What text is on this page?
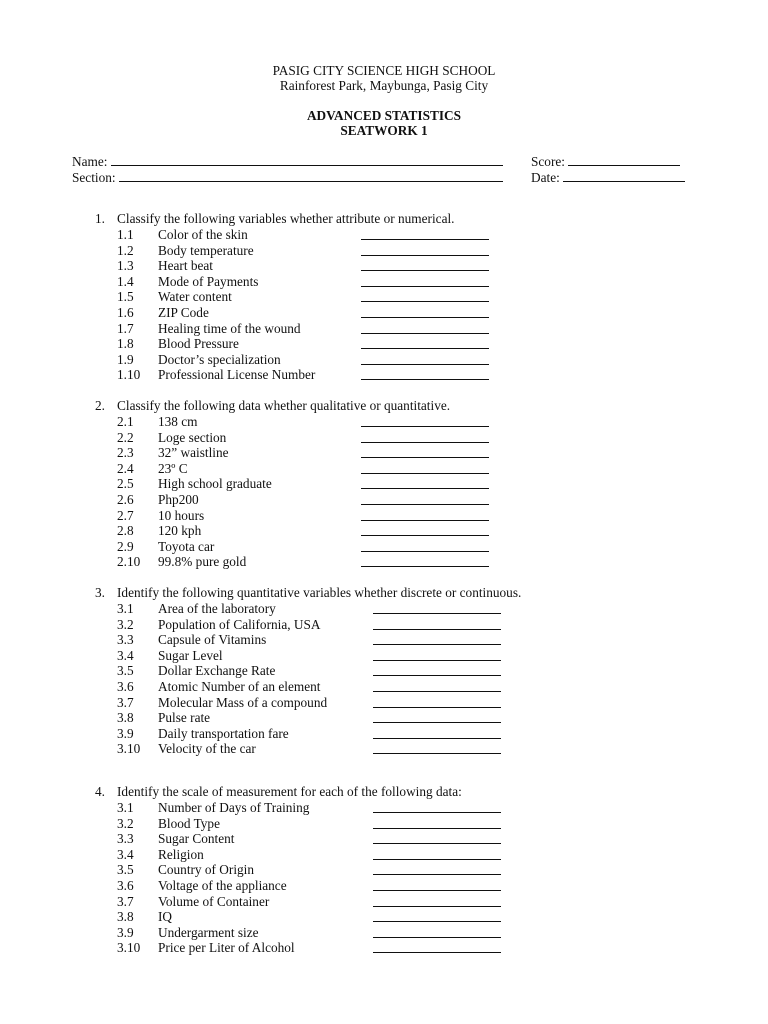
PASIG CITY SCIENCE HIGH SCHOOL
Rainforest Park, Maybunga, Pasig City
ADVANCED STATISTICS
SEATWORK 1
Name:
Section:
Score:
Date:
1. Classify the following variables whether attribute or numerical.
1.1 Color of the skin
1.2 Body temperature
1.3 Heart beat
1.4 Mode of Payments
1.5 Water content
1.6 ZIP Code
1.7 Healing time of the wound
1.8 Blood Pressure
1.9 Doctor’s specialization
1.10 Professional License Number
2. Classify the following data whether qualitative or quantitative.
2.1 138 cm
2.2 Loge section
2.3 32” waistline
2.4 23º C
2.5 High school graduate
2.6 Php200
2.7 10 hours
2.8 120 kph
2.9 Toyota car
2.10 99.8% pure gold
3. Identify the following quantitative variables whether discrete or continuous.
3.1 Area of the laboratory
3.2 Population of California, USA
3.3 Capsule of Vitamins
3.4 Sugar Level
3.5 Dollar Exchange Rate
3.6 Atomic Number of an element
3.7 Molecular Mass of a compound
3.8 Pulse rate
3.9 Daily transportation fare
3.10 Velocity of the car
4. Identify the scale of measurement for each of the following data:
3.1 Number of Days of Training
3.2 Blood Type
3.3 Sugar Content
3.4 Religion
3.5 Country of Origin
3.6 Voltage of the appliance
3.7 Volume of Container
3.8 IQ
3.9 Undergarment size
3.10 Price per Liter of Alcohol
